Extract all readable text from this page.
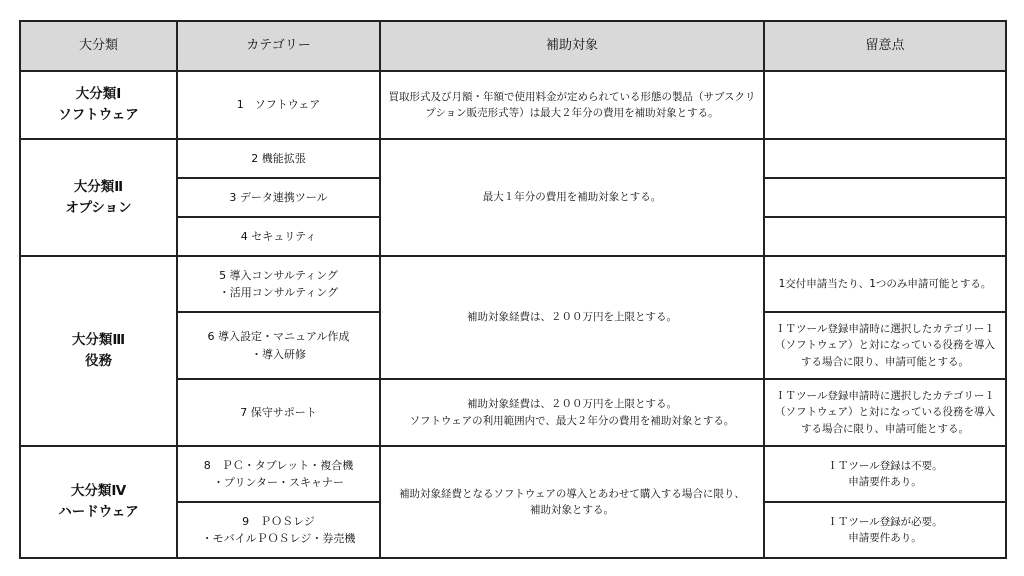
大分類	カテゴリー	補助対象	留意点

大分類Ⅰ
ソフトウェア	1　ソフトウェア	買取形式及び月額・年額で使用料金が定められている形態の製品（サブスクリ
プション販売形式等）は最大２年分の費用を補助対象とする。	

大分類Ⅱ
オプション	2 機能拡張	最大１年分の費用を補助対象とする。	

	3 データ連携ツール		

	4 セキュリティ		

大分類Ⅲ
役務	5 導入コンサルティング
・活用コンサルティング	補助対象経費は、２００万円を上限とする。	1交付申請当たり、1つのみ申請可能とする。

	6 導入設定・マニュアル作成
・導入研修		ＩＴツール登録申請時に選択したカテゴリー１
（ソフトウェア）と対になっている役務を導入
する場合に限り、申請可能とする。

	7 保守サポート	補助対象経費は、２００万円を上限とする。
ソフトウェアの利用範囲内で、最大２年分の費用を補助対象とする。	ＩＴツール登録申請時に選択したカテゴリー１
（ソフトウェア）と対になっている役務を導入
する場合に限り、申請可能とする。

大分類Ⅳ
ハードウェア	8　ＰＣ・タブレット・複合機
・プリンター・スキャナー	補助対象経費となるソフトウェアの導入とあわせて購入する場合に限り、
補助対象とする。	ＩＴツール登録は不要。
申請要件あり。

	9　ＰＯＳレジ
・モバイルＰＯＳレジ・券売機		ＩＴツール登録が必要。
申請要件あり。
